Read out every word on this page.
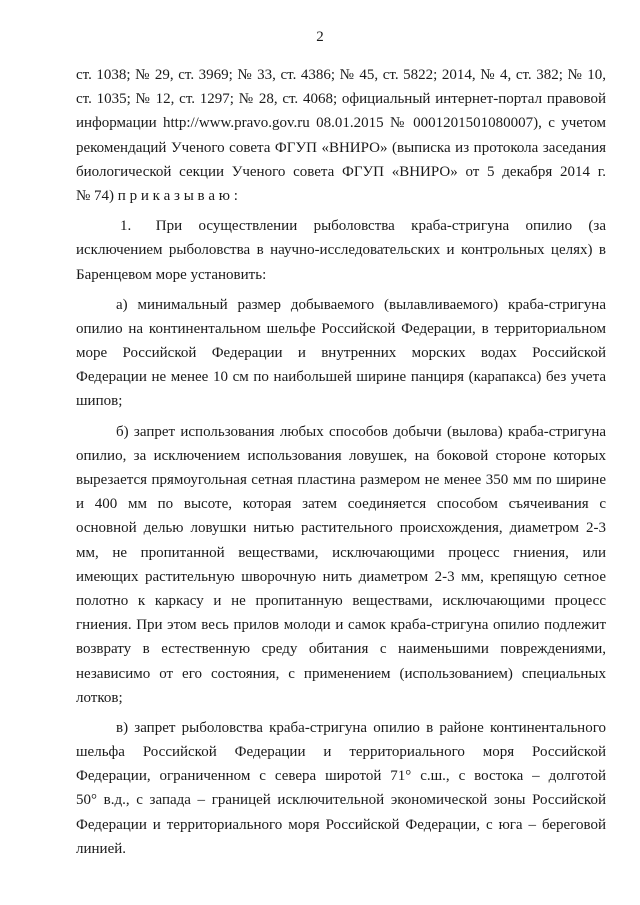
2
ст. 1038; № 29, ст. 3969; № 33, ст. 4386; № 45, ст. 5822; 2014, № 4, ст. 382; № 10,
ст. 1035; № 12, ст. 1297; № 28, ст. 4068; официальный интернет-портал правовой
информации http://www.pravo.gov.ru 08.01.2015 № 0001201501080007), с учетом
рекомендаций Ученого совета ФГУП «ВНИРО» (выписка из протокола заседания
биологической секции Ученого совета ФГУП «ВНИРО» от 5 декабря 2014 г.
№ 74) п р и к а з ы в а ю :
1.      При    осуществлении    рыболовства    краба-стригуна    опилио    (за
исключением рыболовства в научно-исследовательских и контрольных целях) в
Баренцевом море установить:
а) минимальный размер добываемого (вылавливаемого) краба-стригуна
опилио на континентальном шельфе Российской Федерации, в территориальном
море Российской Федерации и внутренних морских водах Российской
Федерации не менее 10 см по наибольшей ширине панциря (карапакса) без учета
шипов;
б) запрет использования любых способов добычи (вылова) краба-стригуна
опилио, за исключением использования ловушек, на боковой стороне которых
вырезается прямоугольная сетная пластина размером не менее 350 мм по ширине
и 400 мм по высоте, которая затем соединяется способом съячеивания с
основной делью ловушки нитью растительного происхождения, диаметром 2-3
мм, не пропитанной веществами, исключающими процесс гниения, или
имеющих растительную шворочную нить диаметром 2-3 мм, крепящую сетное
полотно к каркасу и не пропитанную веществами, исключающими процесс
гниения. При этом весь прилов молоди и самок краба-стригуна опилио подлежит
возврату в естественную среду обитания с наименьшими повреждениями,
независимо от его состояния, с применением (использованием) специальных
лотков;
в) запрет рыболовства краба-стригуна опилио в районе континентального
шельфа Российской Федерации и территориального моря Российской
Федерации, ограниченном с севера широтой 71° с.ш., с востока – долготой
50° в.д., с запада – границей исключительной экономической зоны Российской
Федерации и территориального моря Российской Федерации, с юга – береговой
линией.
